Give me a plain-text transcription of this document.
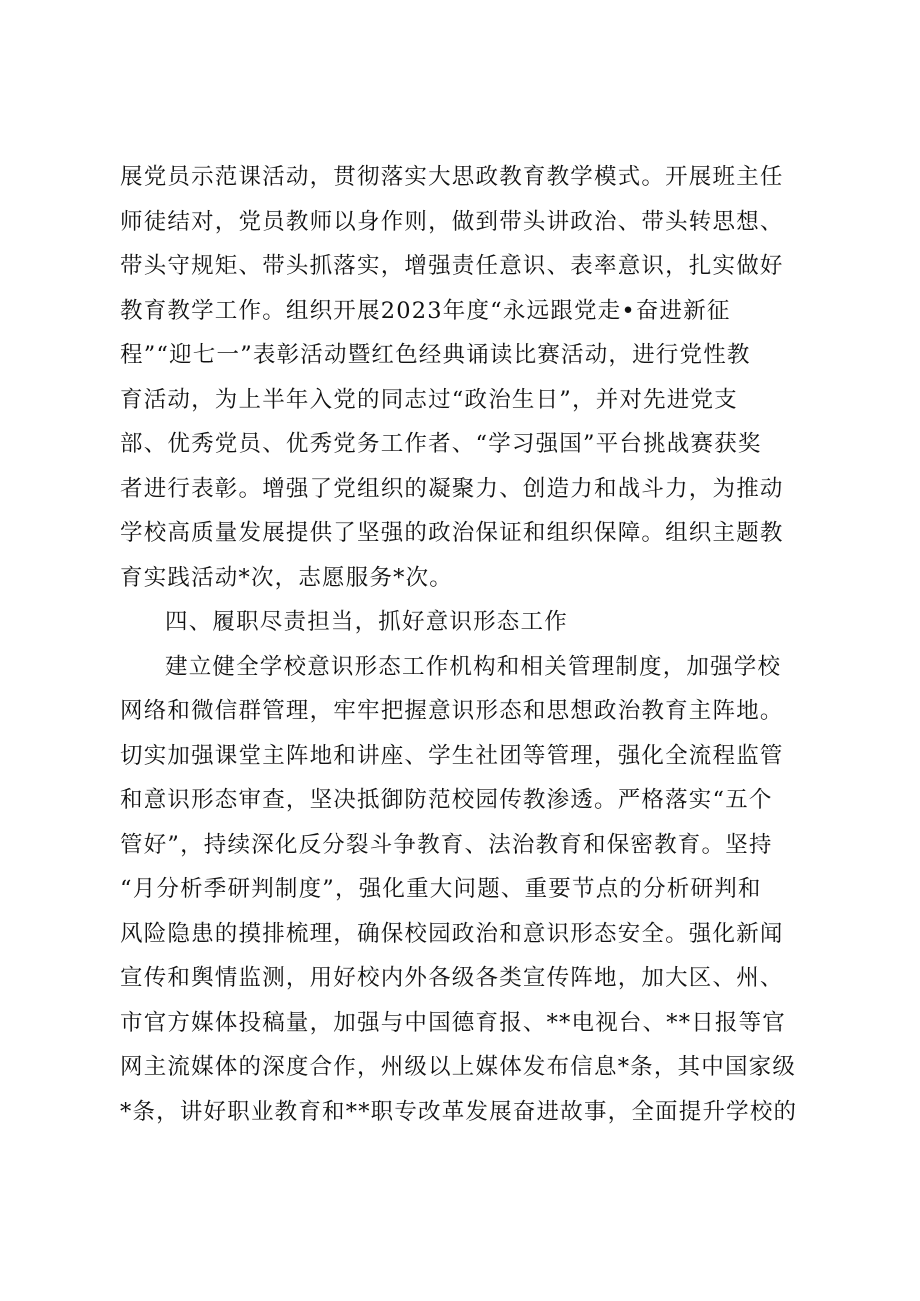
展党员示范课活动，贯彻落实大思政教育教学模式。开展班主任
师徒结对，党员教师以身作则，做到带头讲政治、带头转思想、
带头守规矩、带头抓落实，增强责任意识、表率意识，扎实做好
教育教学工作。组织开展2023年度“永远跟党走•奋进新征
程”“迎七一”表彰活动暨红色经典诵读比赛活动，进行党性教
育活动，为上半年入党的同志过“政治生日”，并对先进党支
部、优秀党员、优秀党务工作者、“学习强国”平台挑战赛获奖
者进行表彰。增强了党组织的凝聚力、创造力和战斗力，为推动
学校高质量发展提供了坚强的政治保证和组织保障。组织主题教
育实践活动*次，志愿服务*次。
四、履职尽责担当，抓好意识形态工作
建立健全学校意识形态工作机构和相关管理制度，加强学校
网络和微信群管理，牢牢把握意识形态和思想政治教育主阵地。
切实加强课堂主阵地和讲座、学生社团等管理，强化全流程监管
和意识形态审查，坚决抵御防范校园传教渗透。严格落实“五个
管好”，持续深化反分裂斗争教育、法治教育和保密教育。坚持
“月分析季研判制度”，强化重大问题、重要节点的分析研判和
风险隐患的摸排梳理，确保校园政治和意识形态安全。强化新闻
宣传和舆情监测，用好校内外各级各类宣传阵地，加大区、州、
市官方媒体投稿量，加强与中国德育报、**电视台、**日报等官
网主流媒体的深度合作，州级以上媒体发布信息*条，其中国家级
*条，讲好职业教育和**职专改革发展奋进故事，全面提升学校的
